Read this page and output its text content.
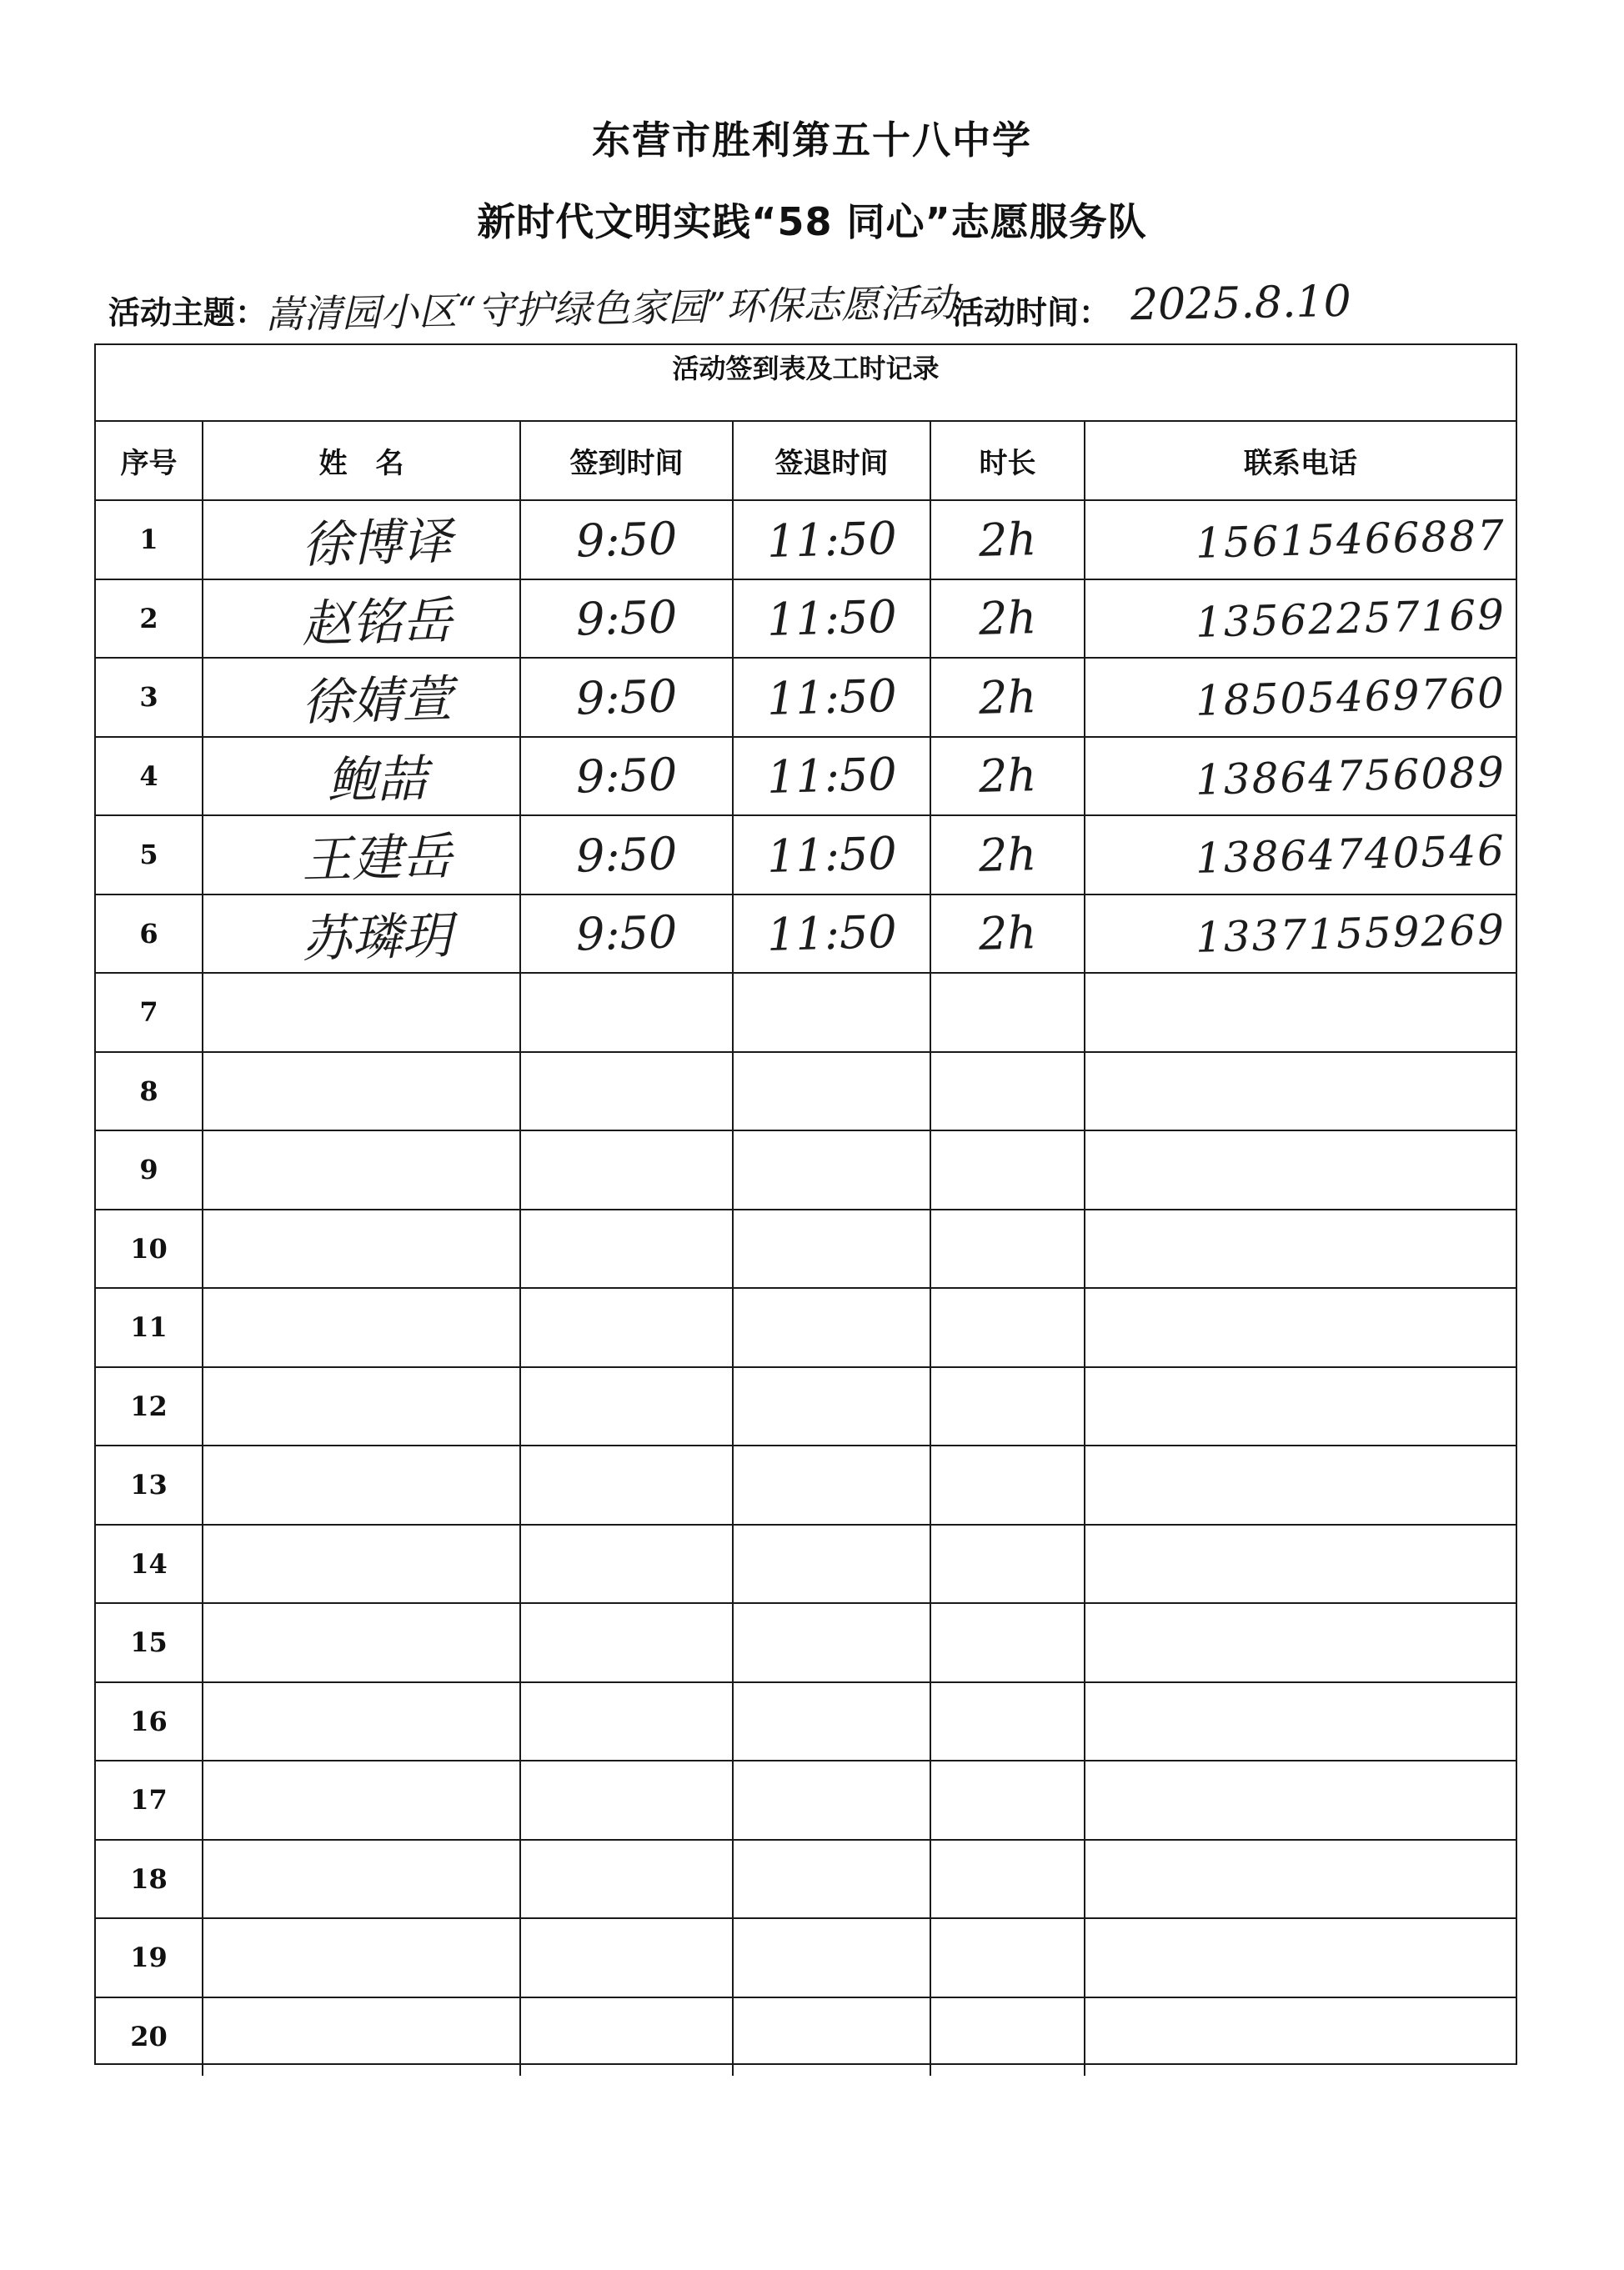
东营市胜利第五十八中学
新时代文明实践“58 同心”志愿服务队
活动主题：
嵩清园小区“守护绿色家园”环保志愿活动
活动时间： 2025.8.10
活动签到表及工时记录
序号	姓　名	签到时间	签退时间	时长	联系电话
1	徐博译	9:50	11:50	2h	15615466887
2	赵铭岳	9:50	11:50	2h	13562257169
3	徐婧萱	9:50	11:50	2h	18505469760
4	鲍喆	9:50	11:50	2h	13864756089
5	王建岳	9:50	11:50	2h	13864740546
6	苏璘玥	9:50	11:50	2h	13371559269
7					
8					
9					
10					
11					
12					
13					
14					
15					
16					
17					
18					
19					
20					
